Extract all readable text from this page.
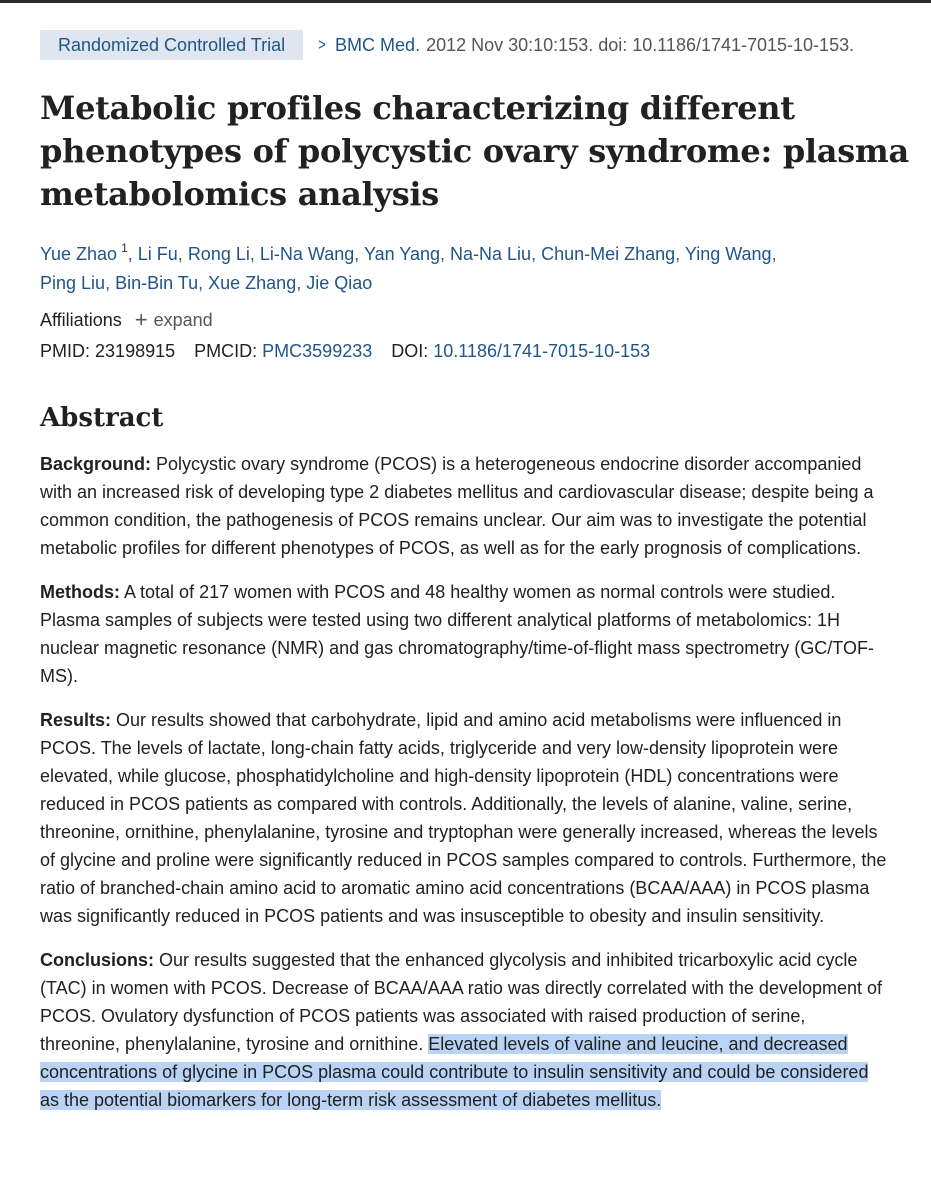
Randomized Controlled Trial	> BMC Med. 2012 Nov 30:10:153. doi: 10.1186/1741-7015-10-153.
Metabolic profiles characterizing different phenotypes of polycystic ovary syndrome: plasma metabolomics analysis
Yue Zhao $^1$, Li Fu, Rong Li, Li-Na Wang, Yan Yang, Na-Na Liu, Chun-Mei Zhang, Ying Wang,
Ping Liu, Bin-Bin Tu, Xue Zhang, Jie Qiao
Affiliations + expand
PMID: 23198915 PMCID: PMC3599233 DOI: 10.1186/1741-7015-10-153
Abstract

Background: Polycystic ovary syndrome (PCOS) is a heterogeneous endocrine disorder accompanied with an increased risk of developing type 2 diabetes mellitus and cardiovascular disease; despite being a common condition, the pathogenesis of PCOS remains unclear. Our aim was to investigate the potential metabolic profiles for different phenotypes of PCOS, as well as for the early prognosis of complications.

Methods: A total of 217 women with PCOS and 48 healthy women as normal controls were studied. Plasma samples of subjects were tested using two different analytical platforms of metabolomics: 1H nuclear magnetic resonance (NMR) and gas chromatography/time-of-flight mass spectrometry (GC/TOF-MS).

Results: Our results showed that carbohydrate, lipid and amino acid metabolisms were influenced in PCOS. The levels of lactate, long-chain fatty acids, triglyceride and very low-density lipoprotein were elevated, while glucose, phosphatidylcholine and high-density lipoprotein (HDL) concentrations were reduced in PCOS patients as compared with controls. Additionally, the levels of alanine, valine, serine, threonine, ornithine, phenylalanine, tyrosine and tryptophan were generally increased, whereas the levels of glycine and proline were significantly reduced in PCOS samples compared to controls. Furthermore, the ratio of branched-chain amino acid to aromatic amino acid concentrations (BCAA/AAA) in PCOS plasma was significantly reduced in PCOS patients and was insusceptible to obesity and insulin sensitivity.

Conclusions: Our results suggested that the enhanced glycolysis and inhibited tricarboxylic acid cycle (TAC) in women with PCOS. Decrease of BCAA/AAA ratio was directly correlated with the development of PCOS. Ovulatory dysfunction of PCOS patients was associated with raised production of serine, threonine, phenylalanine, tyrosine and ornithine. Elevated levels of valine and leucine, and decreased concentrations of glycine in PCOS plasma could contribute to insulin sensitivity and could be considered as the potential biomarkers for long-term risk assessment of diabetes mellitus.
